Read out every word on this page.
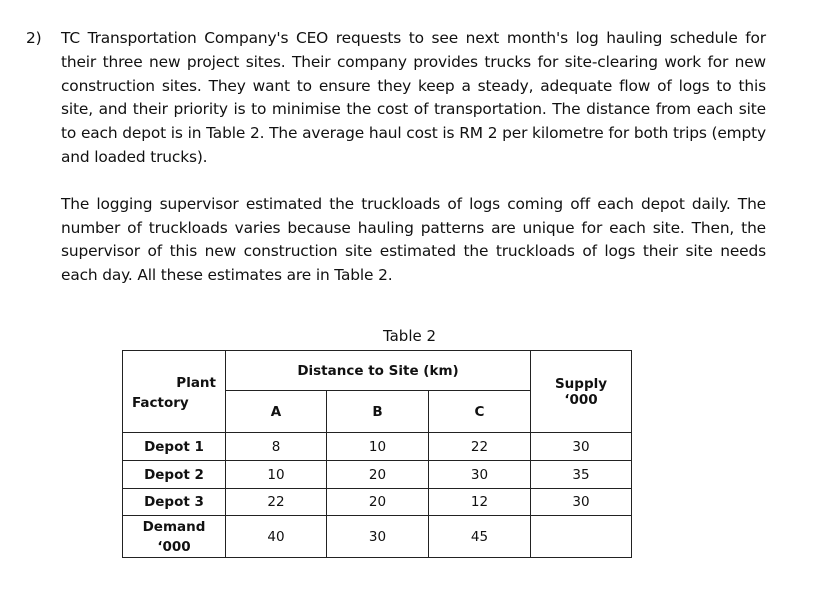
2) TC Transportation Company's CEO requests to see next month's log hauling schedule for their three new project sites. Their company provides trucks for site-clearing work for new construction sites. They want to ensure they keep a steady, adequate flow of logs to this site, and their priority is to minimise the cost of transportation. The distance from each site to each depot is in Table 2. The average haul cost is RM 2 per kilometre for both trips (empty and loaded trucks).

The logging supervisor estimated the truckloads of logs coming off each depot daily. The number of truckloads varies because hauling patterns are unique for each site. Then, the supervisor of this new construction site estimated the truckloads of logs their site needs each day. All these estimates are in Table 2.

Table 2
Plant
Factory	Distance to Site (km)			Supply
‘000
	A	B	C	
Depot 1	8	10	22	30
Depot 2	10	20	30	35
Depot 3	22	20	12	30
Demand
‘000	40	30	45	
